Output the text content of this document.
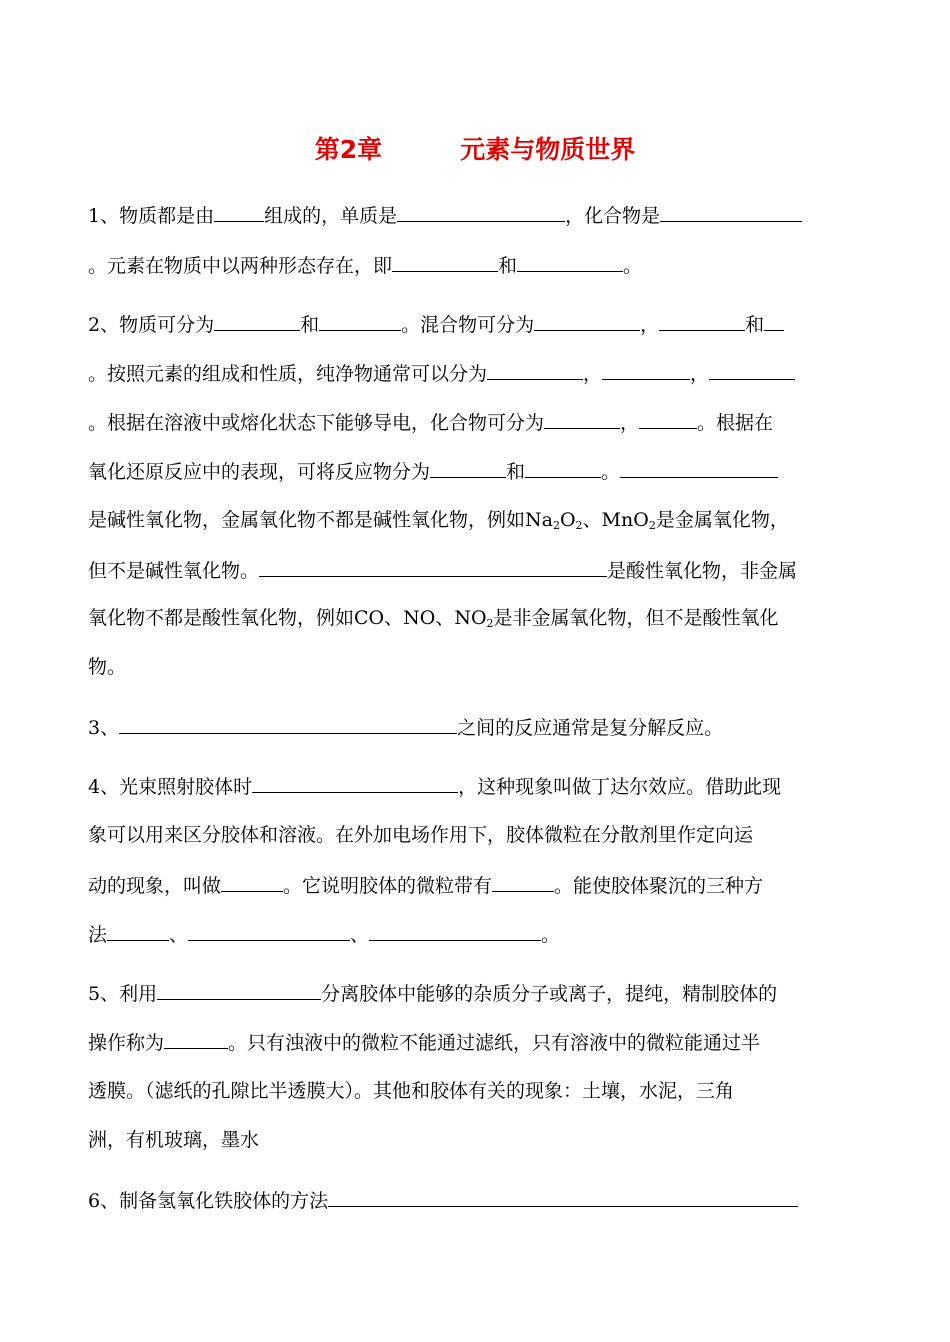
第2章	元素与物质世界
1、物质都是由	组成的，单质是	，化合物是
。元素在物质中以两种形态存在，即	和	。
2、物质可分为	和	。混合物可分为	，	和
。按照元素的组成和性质，纯净物通常可以分为	，	，
。根据在溶液中或熔化状态下能够导电，化合物可分为	，	。根据在
氧化还原反应中的表现，可将反应物分为	和	。
是碱性氧化物，金属氧化物不都是碱性氧化物，例如$Na_2O_2$、MnO$_2$是金属氧化物，
但不是碱性氧化物。	是酸性氧化物，非金属
氧化物不都是酸性氧化物，例如CO、NO、$NO_2$是非金属氧化物，但不是酸性氧化
物。
3、	之间的反应通常是复分解反应。
4、光束照射胶体时	，这种现象叫做丁达尔效应。借助此现
象可以用来区分胶体和溶液。在外加电场作用下，胶体微粒在分散剂里作定向运
动的现象，叫做	。它说明胶体的微粒带有	。能使胶体聚沉的三种方
法	、	、	。
5、利用	分离胶体中能够的杂质分子或离子，提纯，精制胶体的
操作称为	。只有浊液中的微粒不能通过滤纸，只有溶液中的微粒能通过半
透膜。（滤纸的孔隙比半透膜大）。其他和胶体有关的现象：土壤，水泥，三角
洲，有机玻璃，墨水
6、制备氢氧化铁胶体的方法
